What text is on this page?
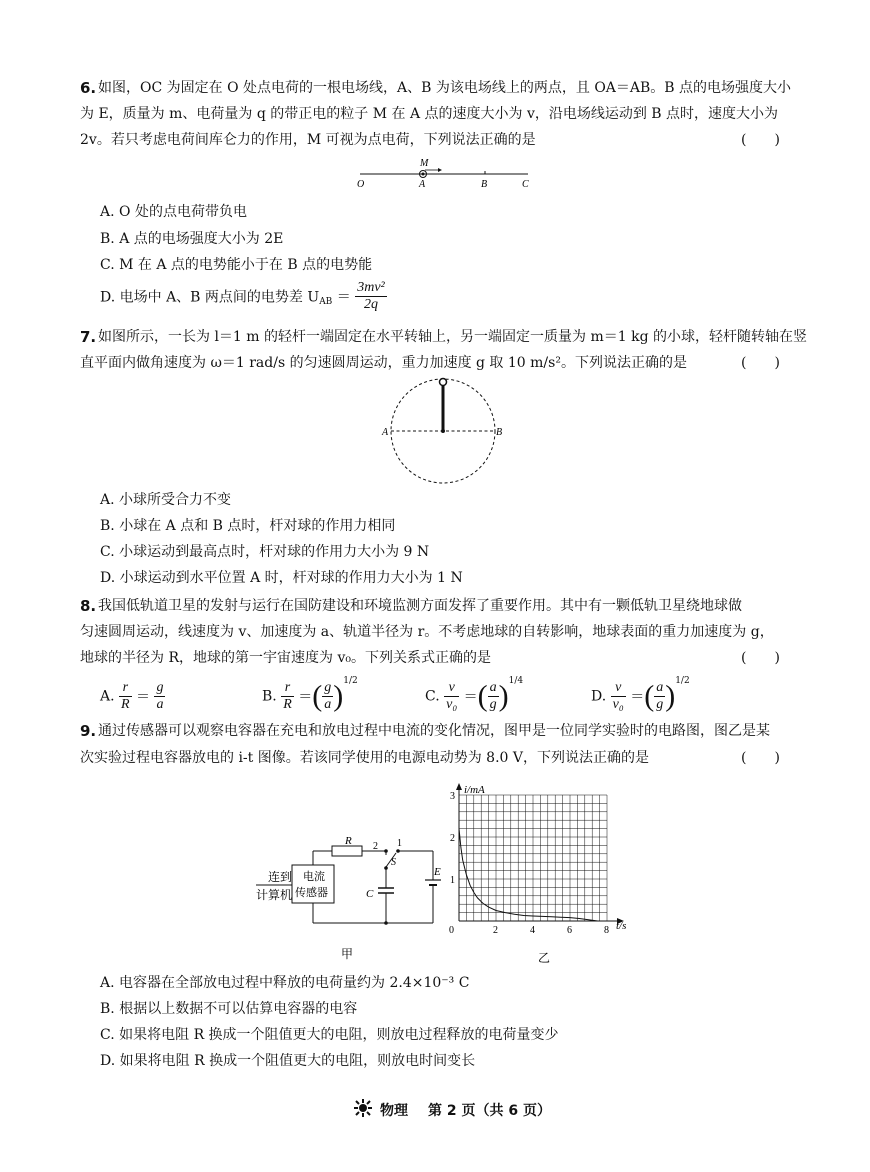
6. 如图，OC 为固定在 O 处点电荷的一根电场线，A、B 为该电场线上的两点，且 OA＝AB。B 点的电场强度大小
为 E，质量为 m、电荷量为 q 的带正电的粒子 M 在 A 点的速度大小为 v，沿电场线运动到 B 点时，速度大小为
2v。若只考虑电荷间库仑力的作用，M 可视为点电荷，下列说法正确的是	(　　)
M
O	A	B	C
A. O 处的点电荷带负电
B. A 点的电场强度大小为 2E
C. M 在 A 点的电势能小于在 B 点的电势能
D. 电场中 A、B 两点间的电势差 $U_{AB} = \frac{\text{3mv²}}{2q}$
7. 如图所示，一长为 l＝1 m 的轻杆一端固定在水平转轴上，另一端固定一质量为 m＝1 kg 的小球，轻杆随转轴在竖
直平面内做角速度为 ω＝1 rad/s 的匀速圆周运动，重力加速度 g 取 10 m/s²。下列说法正确的是	(　　)
A	B
A. 小球所受合力不变
B. 小球在 A 点和 B 点时，杆对球的作用力相同
C. 小球运动到最高点时，杆对球的作用力大小为 9 N
D. 小球运动到水平位置 A 时，杆对球的作用力大小为 1 N
8. 我国低轨道卫星的发射与运行在国防建设和环境监测方面发挥了重要作用。其中有一颗低轨卫星绕地球做
匀速圆周运动，线速度为 v、加速度为 a、轨道半径为 r。不考虑地球的自转影响，地球表面的重力加速度为 g，
地球的半径为 R，地球的第一宇宙速度为 v₀。下列关系式正确的是	(　　)
A. $\frac{r}{R} = \frac{g}{a}$	B. $\frac{r}{R}$ ＝( $\frac{g}{a} )^{1/2}$
C. $\frac{v}{\text{v₀}}$ ＝( $\frac{a}{g} )^{1/4}$
D. $\frac{v}{\text{v₀}}$ ＝( $\frac{a}{g} )^{1/2}$
9. 通过传感器可以观察电容器在充电和放电过程中电流的变化情况，图甲是一位同学实验时的电路图，图乙是某
次实验过程电容器放电的 i-t 图像。若该同学使用的电源电动势为 8.0 V，下列说法正确的是	(　　)
连到
计算机
电流
传感器
R 2
S
1
C
E
甲
0	2	4	6	8
1
2
3
i/mA
t/s
乙
A. 电容器在全部放电过程中释放的电荷量约为 2.4×10⁻³ C
B. 根据以上数据不可以估算电容器的电容
C. 如果将电阻 R 换成一个阻值更大的电阻，则放电过程释放的电荷量变少
D. 如果将电阻 R 换成一个阻值更大的电阻，则放电时间变长
物理 第 2 页（共 6 页）
